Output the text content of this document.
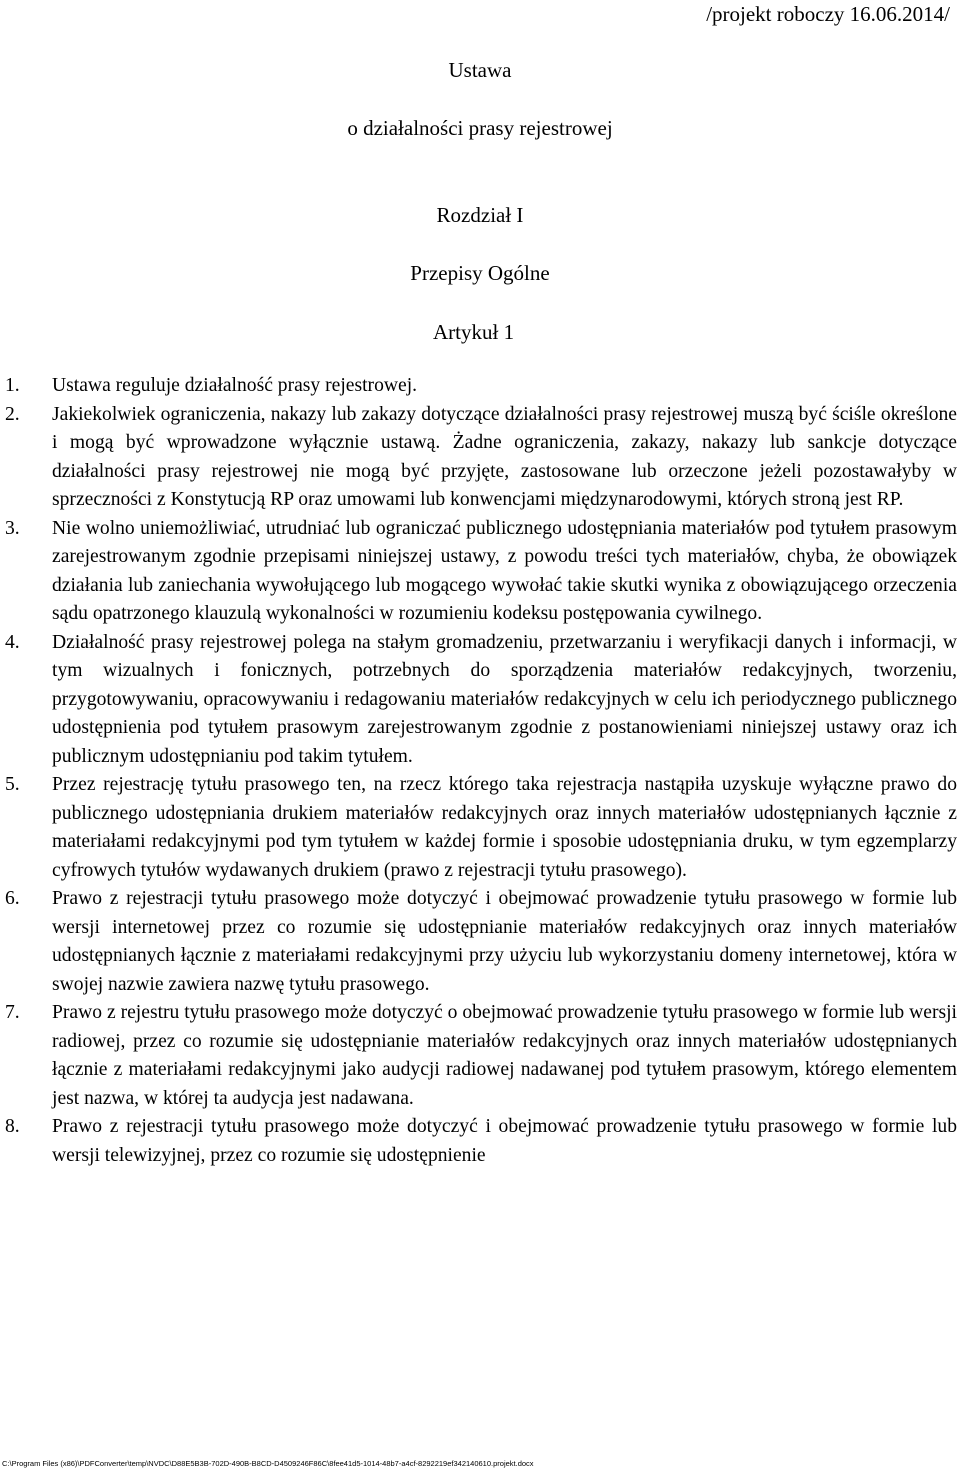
/projekt roboczy 16.06.2014/
Ustawa
o działalności prasy rejestrowej
Rozdział I
Przepisy Ogólne
Artykuł 1
1.	Ustawa reguluje działalność prasy rejestrowej.
2.	Jakiekolwiek ograniczenia, nakazy lub zakazy dotyczące działalności prasy rejestrowej muszą być ściśle określone i mogą być wprowadzone wyłącznie ustawą. Żadne ograniczenia, zakazy, nakazy lub sankcje dotyczące działalności prasy rejestrowej nie mogą być przyjęte, zastosowane lub orzeczone jeżeli pozostawałyby w sprzeczności z Konstytucją RP oraz umowami lub konwencjami międzynarodowymi, których stroną jest RP.
3.	Nie wolno uniemożliwiać, utrudniać lub ograniczać publicznego udostępniania materiałów pod tytułem prasowym zarejestrowanym zgodnie przepisami niniejszej ustawy, z powodu treści tych materiałów, chyba, że obowiązek działania lub zaniechania wywołującego lub mogącego wywołać takie skutki wynika z obowiązującego orzeczenia sądu opatrzonego klauzulą wykonalności w rozumieniu kodeksu postępowania cywilnego.
4.	Działalność prasy rejestrowej polega na stałym gromadzeniu, przetwarzaniu i weryfikacji danych i informacji, w tym wizualnych i fonicznych, potrzebnych do sporządzenia materiałów redakcyjnych, tworzeniu, przygotowywaniu, opracowywaniu i redagowaniu materiałów redakcyjnych w celu ich periodycznego publicznego udostępnienia pod tytułem prasowym zarejestrowanym zgodnie z postanowieniami niniejszej ustawy oraz ich publicznym udostępnianiu pod takim tytułem.
5.	Przez rejestrację tytułu prasowego ten, na rzecz którego taka rejestracja nastąpiła uzyskuje wyłączne prawo do publicznego udostępniania drukiem materiałów redakcyjnych oraz innych materiałów udostępnianych łącznie z materiałami redakcyjnymi pod tym tytułem w każdej formie i sposobie udostępniania druku, w tym egzemplarzy cyfrowych tytułów wydawanych drukiem (prawo z rejestracji tytułu prasowego).
6.	Prawo z rejestracji tytułu prasowego może dotyczyć i obejmować prowadzenie tytułu prasowego w formie lub wersji internetowej przez co rozumie się udostępnianie materiałów redakcyjnych oraz innych materiałów udostępnianych łącznie z materiałami redakcyjnymi przy użyciu lub wykorzystaniu domeny internetowej, która w swojej nazwie zawiera nazwę tytułu prasowego.
7.	Prawo z rejestru tytułu prasowego może dotyczyć o obejmować prowadzenie tytułu prasowego w formie lub wersji radiowej, przez co rozumie się udostępnianie materiałów redakcyjnych oraz innych materiałów udostępnianych łącznie z materiałami redakcyjnymi jako audycji radiowej nadawanej pod tytułem prasowym, którego elementem jest nazwa, w której ta audycja jest nadawana.
8.	Prawo z rejestracji tytułu prasowego może dotyczyć i obejmować prowadzenie tytułu prasowego w formie lub wersji telewizyjnej, przez co rozumie się udostępnienie
C:\Program Files (x86)\PDFConverter\temp\NVDC\D88E5B3B-702D-490B-B8CD-D4509246F86C\8fee41d5-1014-48b7-a4cf-8292219ef342140610.projekt.docx
